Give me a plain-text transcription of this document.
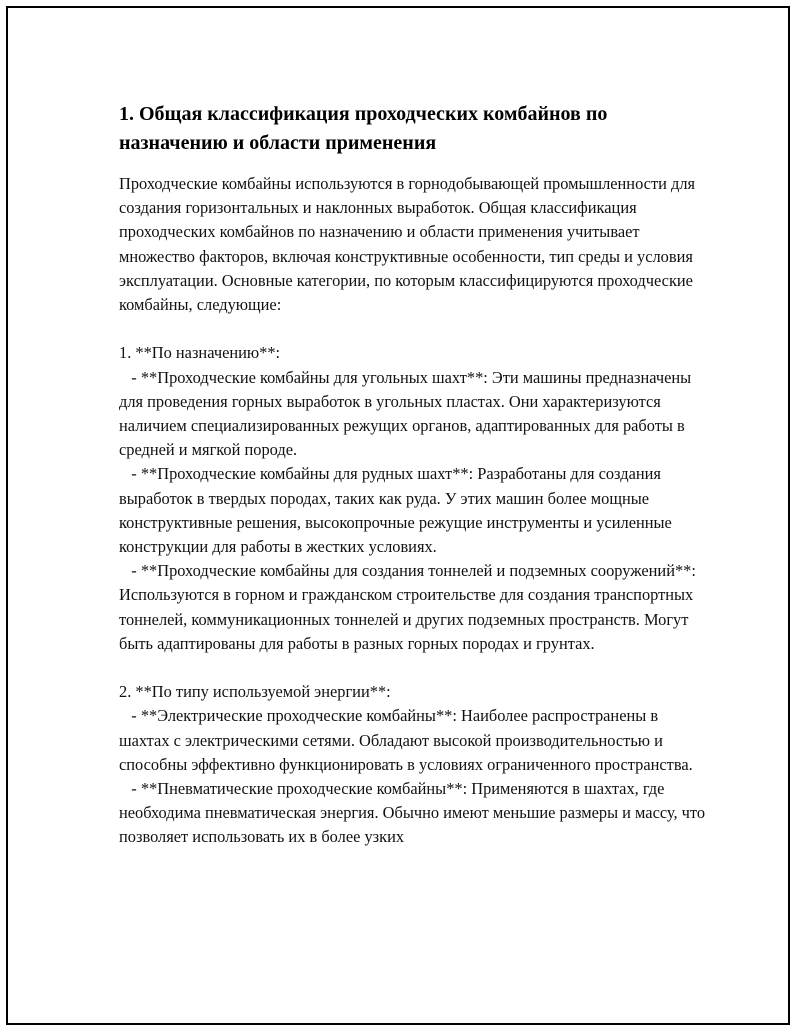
1. Общая классификация проходческих комбайнов по назначению и области применения

Проходческие комбайны используются в горнодобывающей промышленности для создания горизонтальных и наклонных выработок. Общая классификация проходческих комбайнов по назначению и области применения учитывает множество факторов, включая конструктивные особенности, тип среды и условия эксплуатации. Основные категории, по которым классифицируются проходческие комбайны, следующие:

1. **По назначению**:

- **Проходческие комбайны для угольных шахт**: Эти машины предназначены для проведения горных выработок в угольных пластах. Они характеризуются наличием специализированных режущих органов, адаптированных для работы в средней и мягкой породе.

- **Проходческие комбайны для рудных шахт**: Разработаны для создания выработок в твердых породах, таких как руда. У этих машин более мощные конструктивные решения, высокопрочные режущие инструменты и усиленные конструкции для работы в жестких условиях.

- **Проходческие комбайны для создания тоннелей и подземных сооружений**: Используются в горном и гражданском строительстве для создания транспортных тоннелей, коммуникационных тоннелей и других подземных пространств. Могут быть адаптированы для работы в разных горных породах и грунтах.

2. **По типу используемой энергии**:

- **Электрические проходческие комбайны**: Наиболее распространены в шахтах с электрическими сетями. Обладают высокой производительностью и способны эффективно функционировать в условиях ограниченного пространства.

- **Пневматические проходческие комбайны**: Применяются в шахтах, где необходима пневматическая энергия. Обычно имеют меньшие размеры и массу, что позволяет использовать их в более узких
